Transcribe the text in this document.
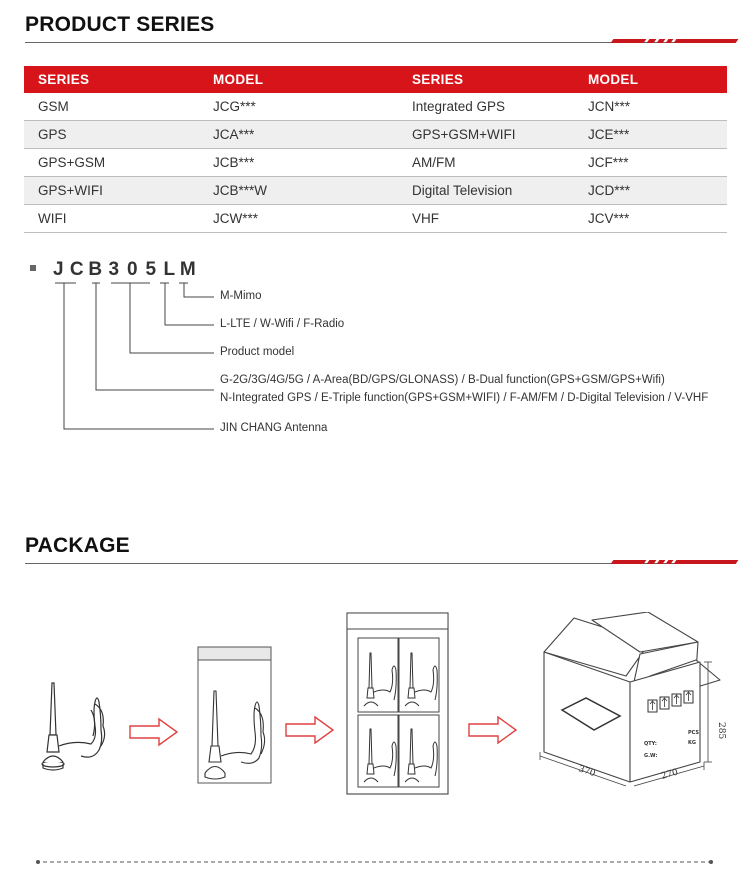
PRODUCT SERIES
SERIES	MODEL	SERIES	MODEL
GSM	JCG***	Integrated GPS	JCN***
GPS	JCA***	GPS+GSM+WIFI	JCE***
GPS+GSM	JCB***	AM/FM	JCF***
GPS+WIFI	JCB***W	Digital Television	JCD***
WIFI	JCW***	VHF	JCV***
J C B 3 0 5 L M
M-Mimo
L-LTE / W-Wifi / F-Radio
Product model
G-2G/3G/4G/5G / A-Area(BD/GPS/GLONASS) / B-Dual function(GPS+GSM/GPS+Wifi)
N-Integrated GPS / E-Triple function(GPS+GSM+WIFI) / F-AM/FM / D-Digital Television / V-VHF
JIN CHANG Antenna
PACKAGE
QTY:
G.W:
PCS
KG
370	270
285
